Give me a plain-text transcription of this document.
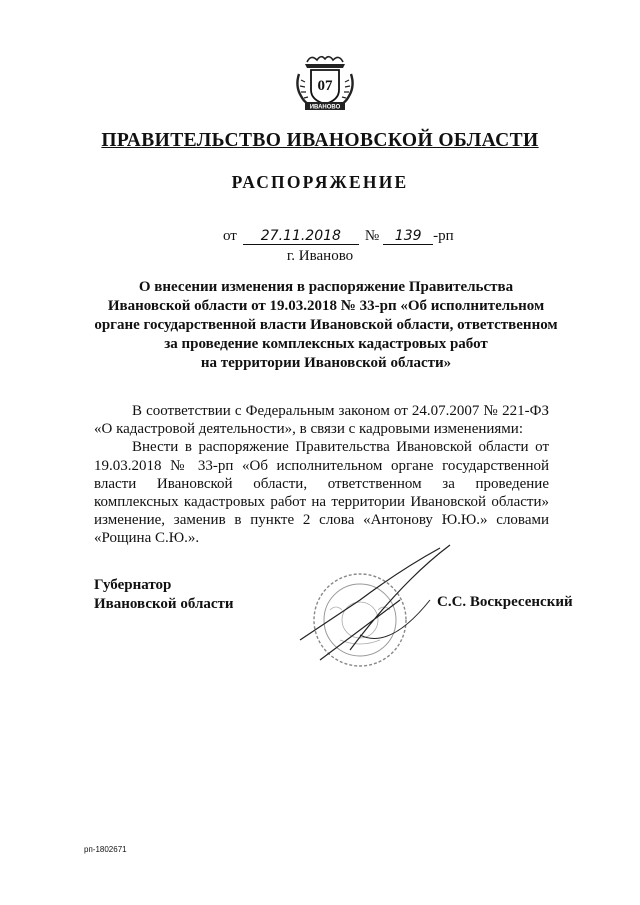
07
ИВАНОВО
ПРАВИТЕЛЬСТВО ИВАНОВСКОЙ ОБЛАСТИ
РАСПОРЯЖЕНИЕ
от 27.11.2018 № 139 -рп
г. Иваново
О внесении изменения в распоряжение Правительства
Ивановской области от 19.03.2018 № 33-рп «Об исполнительном
органе государственной власти Ивановской области, ответственном
за проведение комплексных кадастровых работ
на территории Ивановской области»

В соответствии с Федеральным законом от 24.07.2007 № 221-ФЗ «О кадастровой деятельности», в связи с кадровыми изменениями:

Внести в распоряжение Правительства Ивановской области от 19.03.2018 № 33-рп «Об исполнительном органе государственной власти Ивановской области, ответственном за проведение комплексных кадастровых работ на территории Ивановской области» изменение, заменив в пункте 2 слова «Антонову Ю.Ю.» словами «Рощина С.Ю.».

Губернатор
Ивановской области	С.С. Воскресенский
рп-1802671
